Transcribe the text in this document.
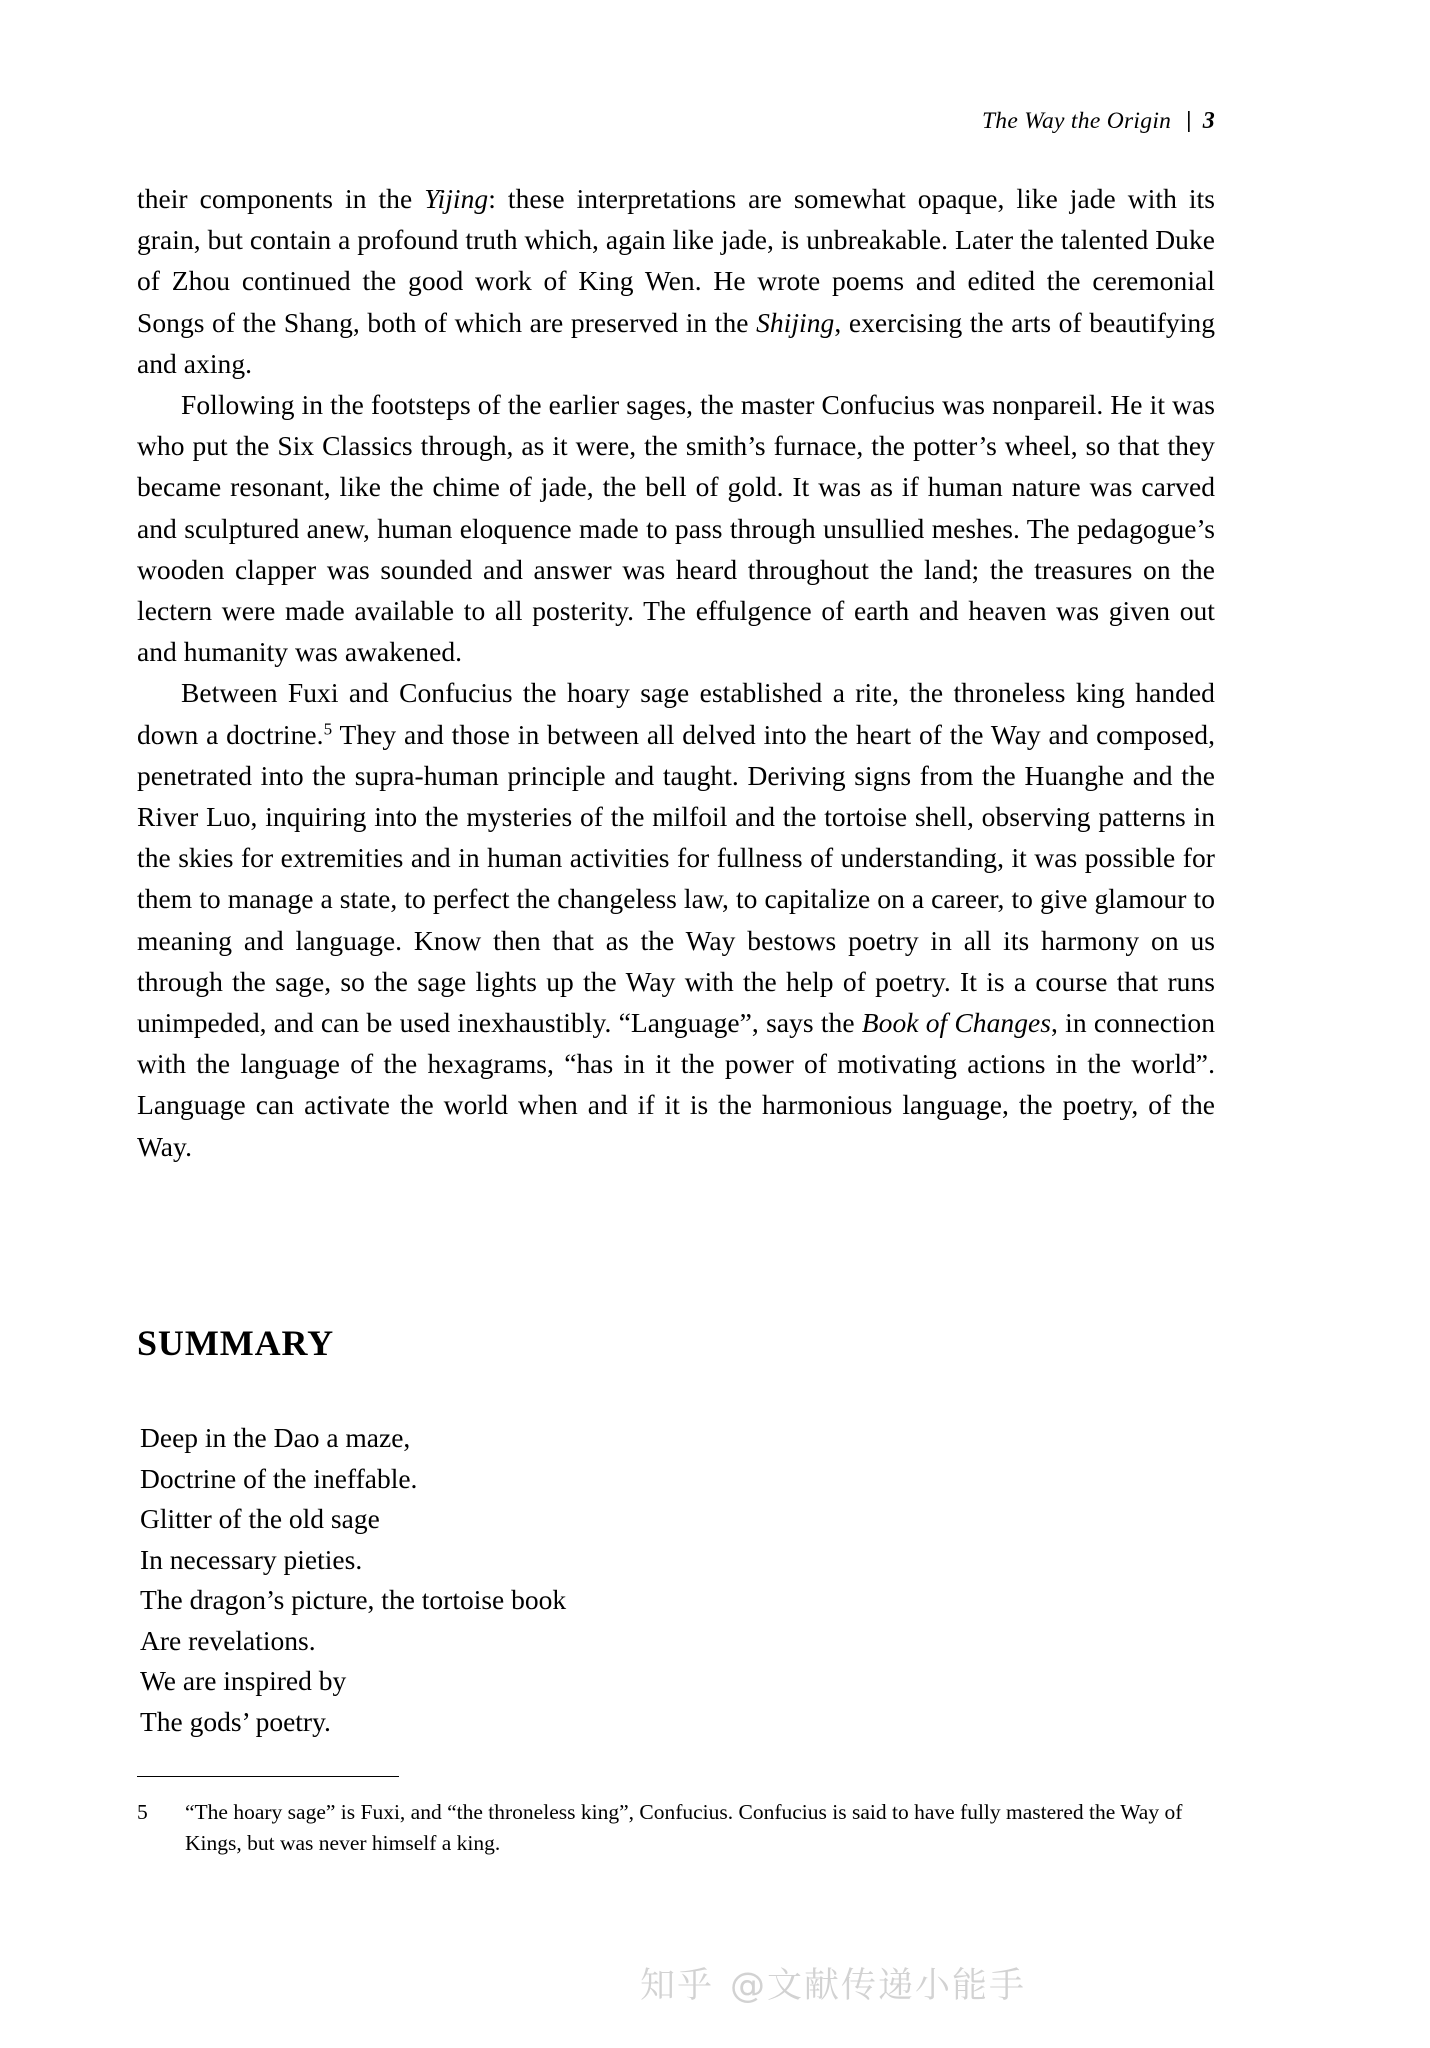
The Way the Origin | 3

their components in the Yijing: these interpretations are somewhat opaque, like jade with its grain, but contain a profound truth which, again like jade, is unbreakable. Later the talented Duke of Zhou continued the good work of King Wen. He wrote poems and edited the ceremonial Songs of the Shang, both of which are preserved in the Shijing, exercising the arts of beautifying and axing.

Following in the footsteps of the earlier sages, the master Confucius was nonpareil. He it was who put the Six Classics through, as it were, the smith’s furnace, the potter’s wheel, so that they became resonant, like the chime of jade, the bell of gold. It was as if human nature was carved and sculptured anew, human eloquence made to pass through unsullied meshes. The pedagogue’s wooden clapper was sounded and answer was heard throughout the land; the treasures on the lectern were made available to all posterity. The effulgence of earth and heaven was given out and humanity was awakened.

Between Fuxi and Confucius the hoary sage established a rite, the throneless king handed down a doctrine.$^5$ They and those in between all delved into the heart of the Way and composed, penetrated into the supra-human principle and taught. Deriving signs from the Huanghe and the River Luo, inquiring into the mysteries of the milfoil and the tortoise shell, observing patterns in the skies for extremities and in human activities for fullness of understanding, it was possible for them to manage a state, to perfect the changeless law, to capitalize on a career, to give glamour to meaning and language. Know then that as the Way bestows poetry in all its harmony on us through the sage, so the sage lights up the Way with the help of poetry. It is a course that runs unimpeded, and can be used inexhaustibly. “Language”, says the Book of Changes, in connection with the language of the hexagrams, “has in it the power of motivating actions in the world”. Language can activate the world when and if it is the harmonious language, the poetry, of the Way.

SUMMARY
Deep in the Dao a maze,
Doctrine of the ineffable.
Glitter of the old sage
In necessary pieties.
The dragon’s picture, the tortoise book
Are revelations.
We are inspired by
The gods’ poetry.
5	“The hoary sage” is Fuxi, and “the throneless king”, Confucius. Confucius is said to have fully mastered the Way of Kings, but was never himself a king.
知乎 @文献传递小能手
